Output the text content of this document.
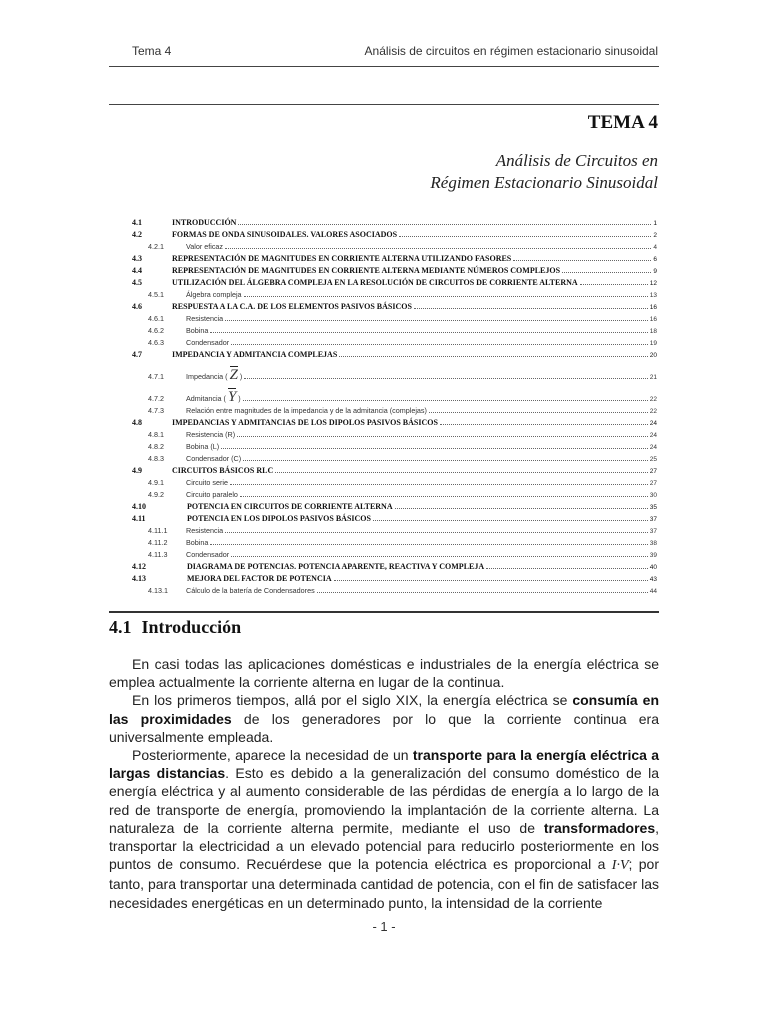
Tema 4	Análisis de circuitos en régimen estacionario sinusoidal
TEMA 4
Análisis de Circuitos en
Régimen Estacionario Sinusoidal
4.1	INTRODUCCIÓN	1
4.2	FORMAS DE ONDA SINUSOIDALES. VALORES ASOCIADOS	2
4.2.1	Valor eficaz	4
4.3	REPRESENTACIÓN DE MAGNITUDES EN CORRIENTE ALTERNA UTILIZANDO FASORES	6
4.4	REPRESENTACIÓN DE MAGNITUDES EN CORRIENTE ALTERNA MEDIANTE NÚMEROS COMPLEJOS	9
4.5	UTILIZACIÓN DEL ÁLGEBRA COMPLEJA EN LA RESOLUCIÓN DE CIRCUITOS DE CORRIENTE ALTERNA	12
4.5.1	Álgebra compleja	13
4.6	RESPUESTA A LA C.A. DE LOS ELEMENTOS PASIVOS BÁSICOS	16
4.6.1	Resistencia	16
4.6.2	Bobina	18
4.6.3	Condensador	19
4.7	IMPEDANCIA Y ADMITANCIA COMPLEJAS	20
4.7.1	Impedancia ( Z )	21
4.7.2	Admitancia ( Y )	22
4.7.3	Relación entre magnitudes de la impedancia y de la admitancia (complejas)	22
4.8	IMPEDANCIAS Y ADMITANCIAS DE LOS DIPOLOS PASIVOS BÁSICOS	24
4.8.1	Resistencia (R)	24
4.8.2	Bobina (L)	24
4.8.3	Condensador (C)	25
4.9	CIRCUITOS BÁSICOS RLC	27
4.9.1	Circuito serie	27
4.9.2	Circuito paralelo	30
4.10	POTENCIA EN CIRCUITOS DE CORRIENTE ALTERNA	35
4.11	POTENCIA EN LOS DIPOLOS PASIVOS BÁSICOS	37
4.11.1	Resistencia	37
4.11.2	Bobina	38
4.11.3	Condensador	39
4.12	DIAGRAMA DE POTENCIAS. POTENCIA APARENTE, REACTIVA Y COMPLEJA	40
4.13	MEJORA DEL FACTOR DE POTENCIA	43
4.13.1	Cálculo de la batería de Condensadores	44
4.1 Introducción

En casi todas las aplicaciones domésticas e industriales de la energía eléctrica se emplea actualmente la corriente alterna en lugar de la continua.

En los primeros tiempos, allá por el siglo XIX, la energía eléctrica se consumía en las proximidades de los generadores por lo que la corriente continua era universalmente empleada.

Posteriormente, aparece la necesidad de un transporte para la energía eléctrica a largas distancias. Esto es debido a la generalización del consumo doméstico de la energía eléctrica y al aumento considerable de las pérdidas de energía a lo largo de la red de transporte de energía, promoviendo la implantación de la corriente alterna. La naturaleza de la corriente alterna permite, mediante el uso de transformadores, transportar la electricidad a un elevado potencial para reducirlo posteriormente en los puntos de consumo. Recuérdese que la potencia eléctrica es proporcional a I·V; por tanto, para transportar una determinada cantidad de potencia, con el fin de satisfacer las necesidades energéticas en un determinado punto, la intensidad de la corriente

- 1 -
